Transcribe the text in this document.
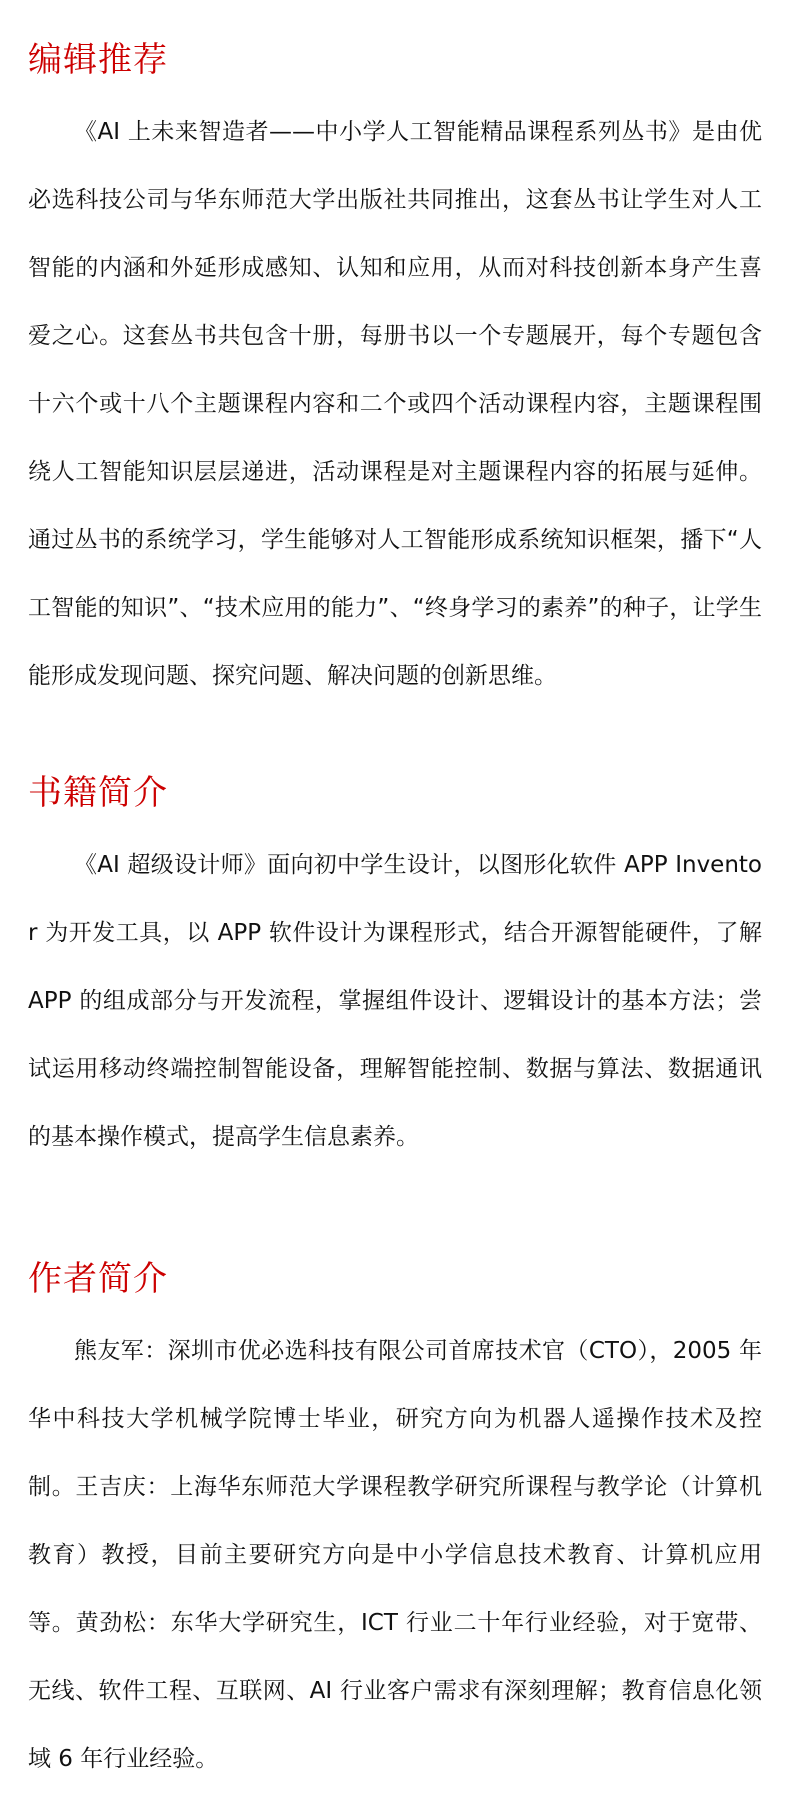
编辑推荐

《AI 上未来智造者——中小学人工智能精品课程系列丛书》是由优必选科技公司与华东师范大学出版社共同推出，这套丛书让学生对人工智能的内涵和外延形成感知、认知和应用，从而对科技创新本身产生喜爱之心。这套丛书共包含十册，每册书以一个专题展开，每个专题包含十六个或十八个主题课程内容和二个或四个活动课程内容，主题课程围绕人工智能知识层层递进，活动课程是对主题课程内容的拓展与延伸。通过丛书的系统学习，学生能够对人工智能形成系统知识框架，播下“人工智能的知识”、“技术应用的能力”、“终身学习的素养”的种子，让学生能形成发现问题、探究问题、解决问题的创新思维。

书籍简介

《AI 超级设计师》面向初中学生设计，以图形化软件 APP Inventor 为开发工具，以 APP 软件设计为课程形式，结合开源智能硬件，了解 APP 的组成部分与开发流程，掌握组件设计、逻辑设计的基本方法；尝试运用移动终端控制智能设备，理解智能控制、数据与算法、数据通讯的基本操作模式，提高学生信息素养。

作者简介

熊友军：深圳市优必选科技有限公司首席技术官（CTO），2005 年华中科技大学机械学院博士毕业，研究方向为机器人遥操作技术及控制。王吉庆：上海华东师范大学课程教学研究所课程与教学论（计算机教育）教授，目前主要研究方向是中小学信息技术教育、计算机应用等。黄劲松：东华大学研究生，ICT 行业二十年行业经验，对于宽带、无线、软件工程、互联网、AI 行业客户需求有深刻理解；教育信息化领域 6 年行业经验。
